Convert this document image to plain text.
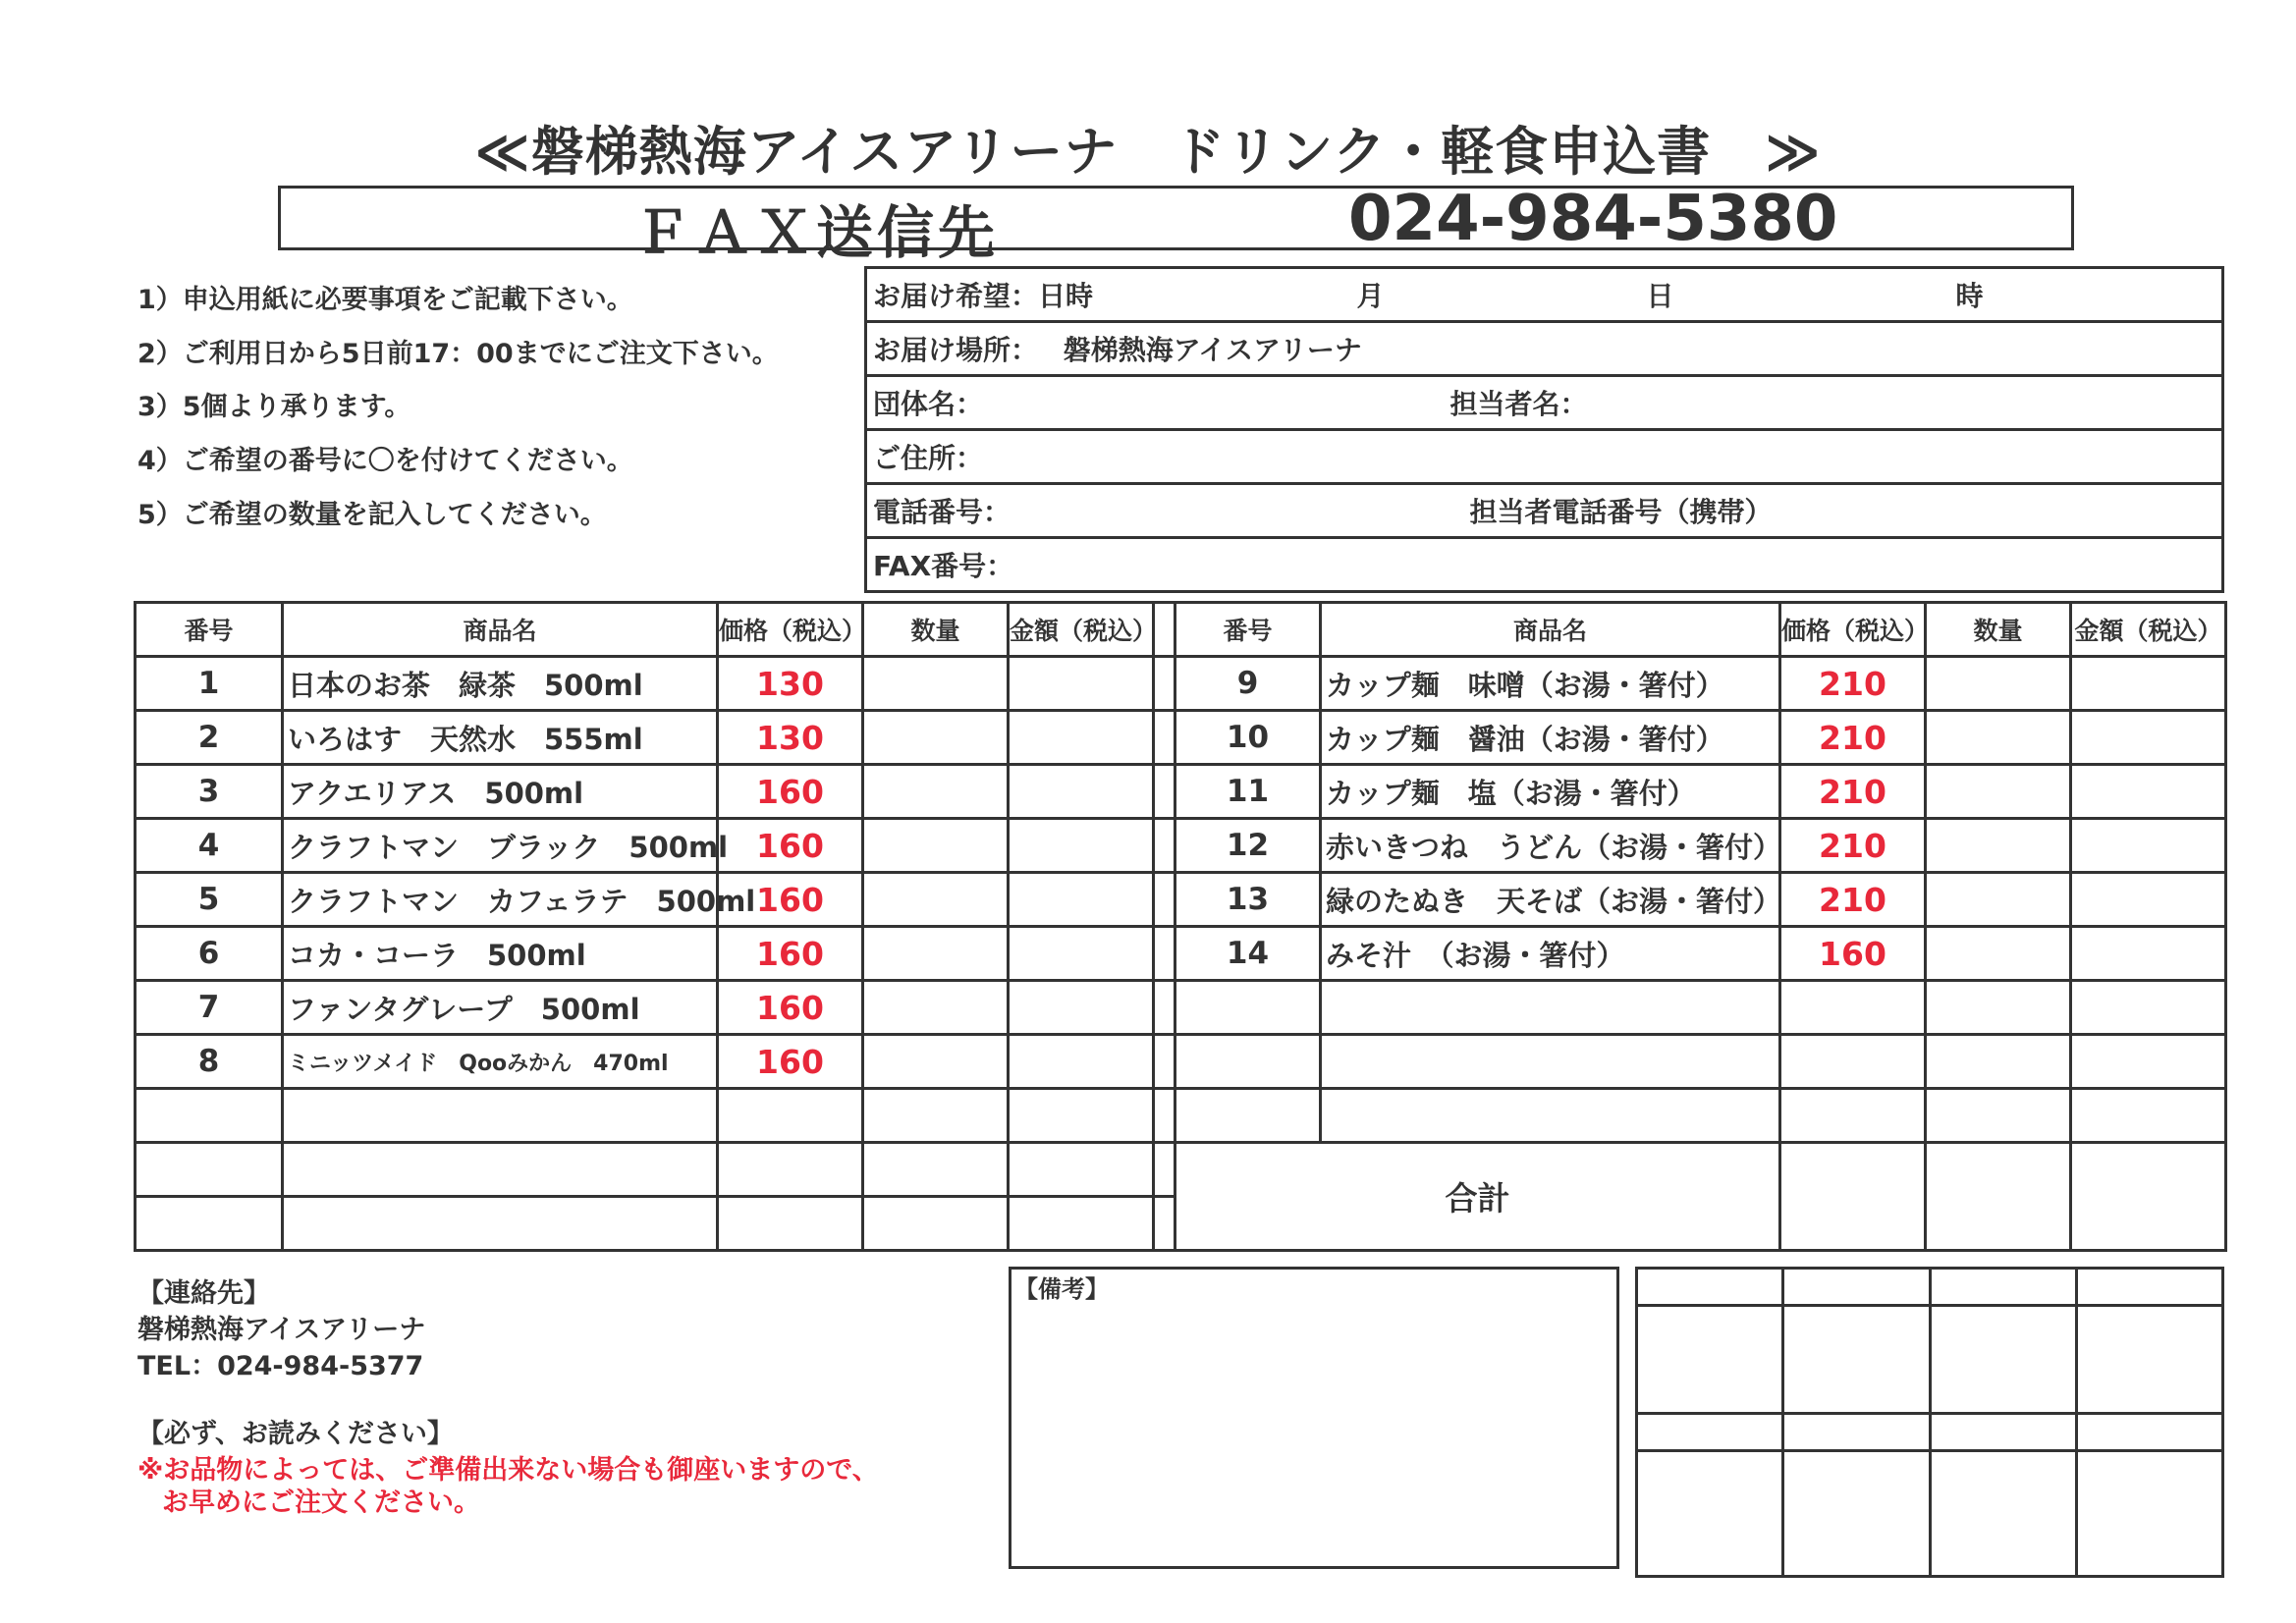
≪磐梯熱海アイスアリーナ　ドリンク・軽食申込書　≫
ＦＡＸ送信先	024-984-5380
1）申込用紙に必要事項をご記載下さい。
2）ご利用日から5日前17：00までにご注文下さい。
3）5個より承ります。
4）ご希望の番号に〇を付けてください。
5）ご希望の数量を記入してください。
お届け希望：日時	月	日	時

お届け場所： 磐梯熱海アイスアリーナ
団体名：	担当者名：

ご住所：
電話番号：	担当者電話番号（携帯）

FAX番号：
番号	商品名	価格（税込）	数量	金額（税込）		番号	商品名	価格（税込）	数量	金額（税込）
1	日本のお茶　緑茶　500ml	130				9	カップ麺　味噌（お湯・箸付）	210		
2	いろはす　天然水　555ml	130				10	カップ麺　醤油（お湯・箸付）	210		
3	アクエリアス　500ml	160				11	カップ麺　塩（お湯・箸付）	210		
4	クラフトマン　ブラック　500ml	160				12	赤いきつね　うどん（お湯・箸付）	210		
5	クラフトマン　カフェラテ　500ml	160				13	緑のたぬき　天そば（お湯・箸付）	210		
6	コカ・コーラ　500ml	160				14	みそ汁　（お湯・箸付）	160		
7	ファンタグレープ　500ml	160								
8	ミニッツメイド　Qooみかん　470ml	160								

						合計				

【連絡先】
磐梯熱海アイスアリーナ
TEL：024-984-5377
【必ず、お読みください】
※お品物によっては、ご準備出来ない場合も御座いますので、
お早めにご注文ください。
【備考】
